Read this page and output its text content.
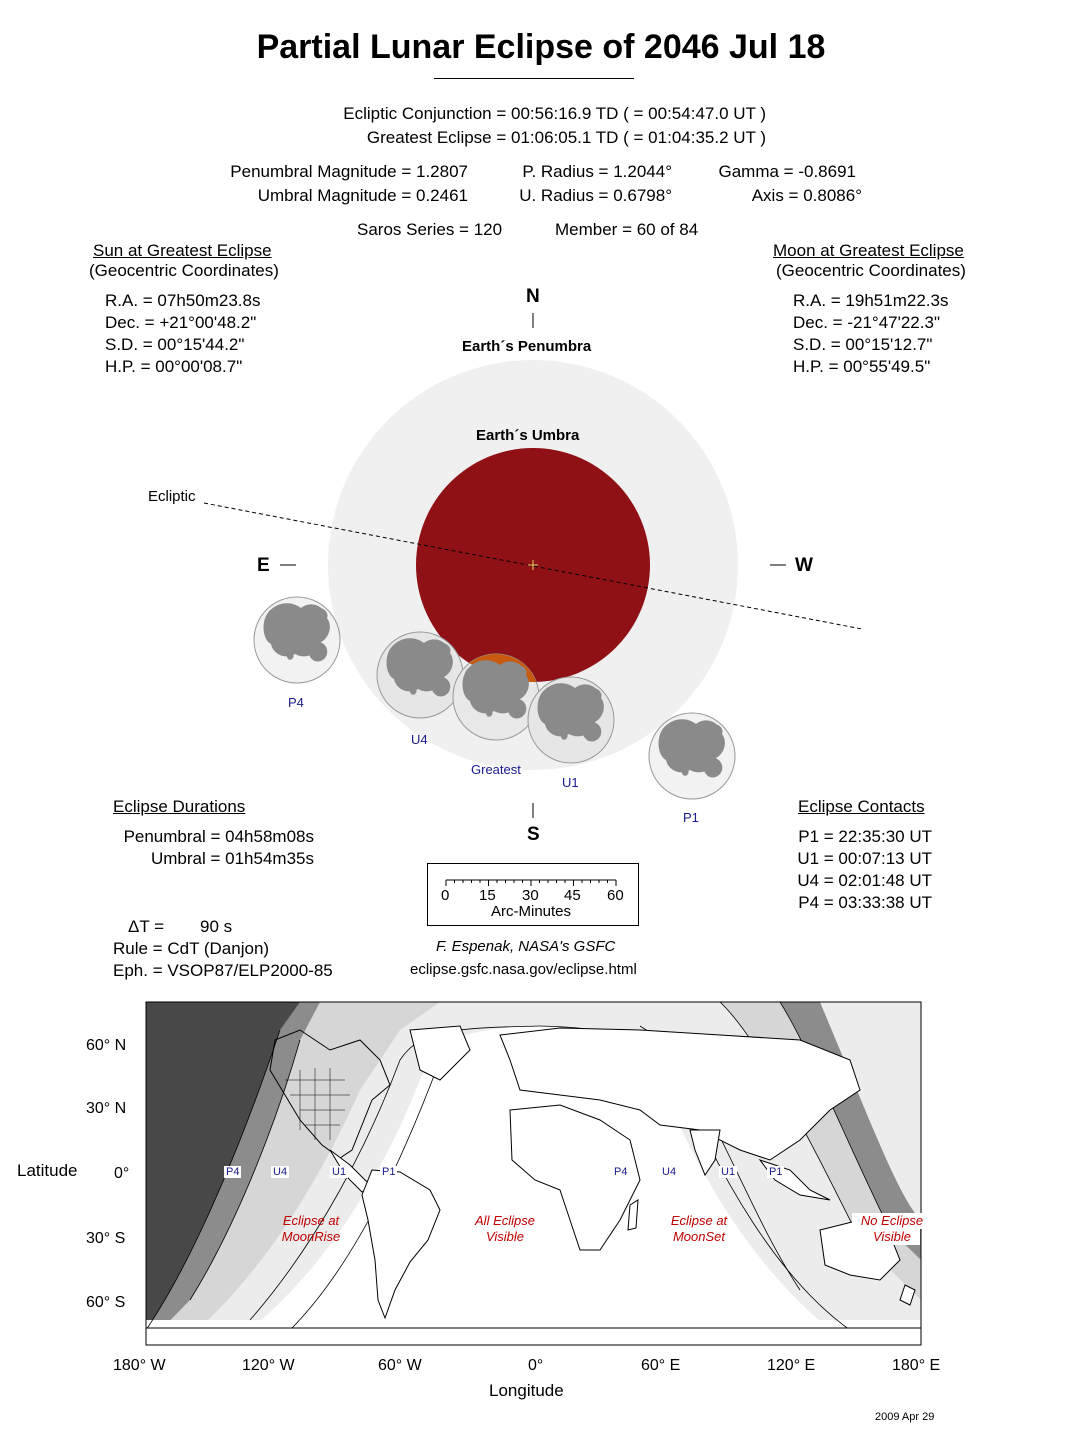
Partial Lunar Eclipse of 2046 Jul 18
Ecliptic Conjunction = 00:56:16.9 TD ( = 00:54:47.0 UT )
Greatest Eclipse = 01:06:05.1 TD ( = 01:04:35.2 UT )
Penumbral Magnitude = 1.2807
Umbral Magnitude = 0.2461
P. Radius = 1.2044°
U. Radius = 0.6798°
Gamma = -0.8691
Axis = 0.8086°
Saros Series = 120	Member = 60 of 84
Sun at Greatest Eclipse
(Geocentric Coordinates)
R.A. = 07h50m23.8s
Dec. = +21°00'48.2"
S.D. = 00°15'44.2"
H.P. = 00°00'08.7"
Moon at Greatest Eclipse
(Geocentric Coordinates)
R.A. = 19h51m22.3s
Dec. = -21°47'22.3"
S.D. = 00°15'12.7"
H.P. = 00°55'49.5"
N
S
E	W
Earth´s Penumbra
Earth´s Umbra
Ecliptic
P4
U4
Greatest
U1
P1
Eclipse Durations
Penumbral = 04h58m08s
Umbral = 01h54m35s
Eclipse Contacts
P1 = 22:35:30 UT
U1 = 00:07:13 UT
U4 = 02:01:48 UT
P4 = 03:33:38 UT
0 15 30 45 60
Arc-Minutes
ΔT = 90 s
Rule = CdT (Danjon)
Eph. = VSOP87/ELP2000-85
F. Espenak, NASA's GSFC
eclipse.gsfc.nasa.gov/eclipse.html
60° N
30° N
0°
30° S
60° S
Latitude
180° W	120° W	60° W	0°	60° E	120° E	180° E
Longitude
P4	U4	U1	P1	P4	U4	U1	P1
Eclipse at
MoonRise
All Eclipse
Visible
Eclipse at
MoonSet
No Eclipse
Visible
2009 Apr 29
